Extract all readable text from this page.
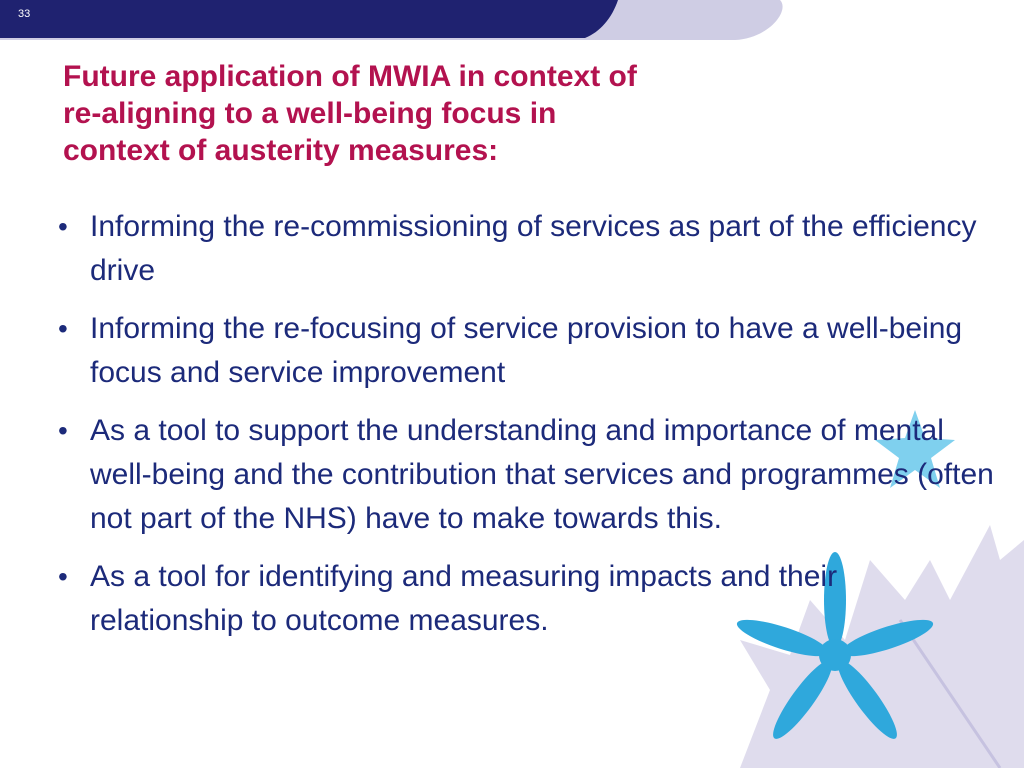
33
Future application of MWIA in context of
re-aligning to a well-being focus in
context of austerity measures:
• Informing the re-commissioning of services as part of the efficiency drive
• Informing the re-focusing of service provision to have a well-being focus and service improvement
• As a tool to support the understanding and importance of mental well-being and the contribution that services and programmes (often not part of the NHS) have to make towards this.
• As a tool for identifying and measuring impacts and their relationship to outcome measures.
